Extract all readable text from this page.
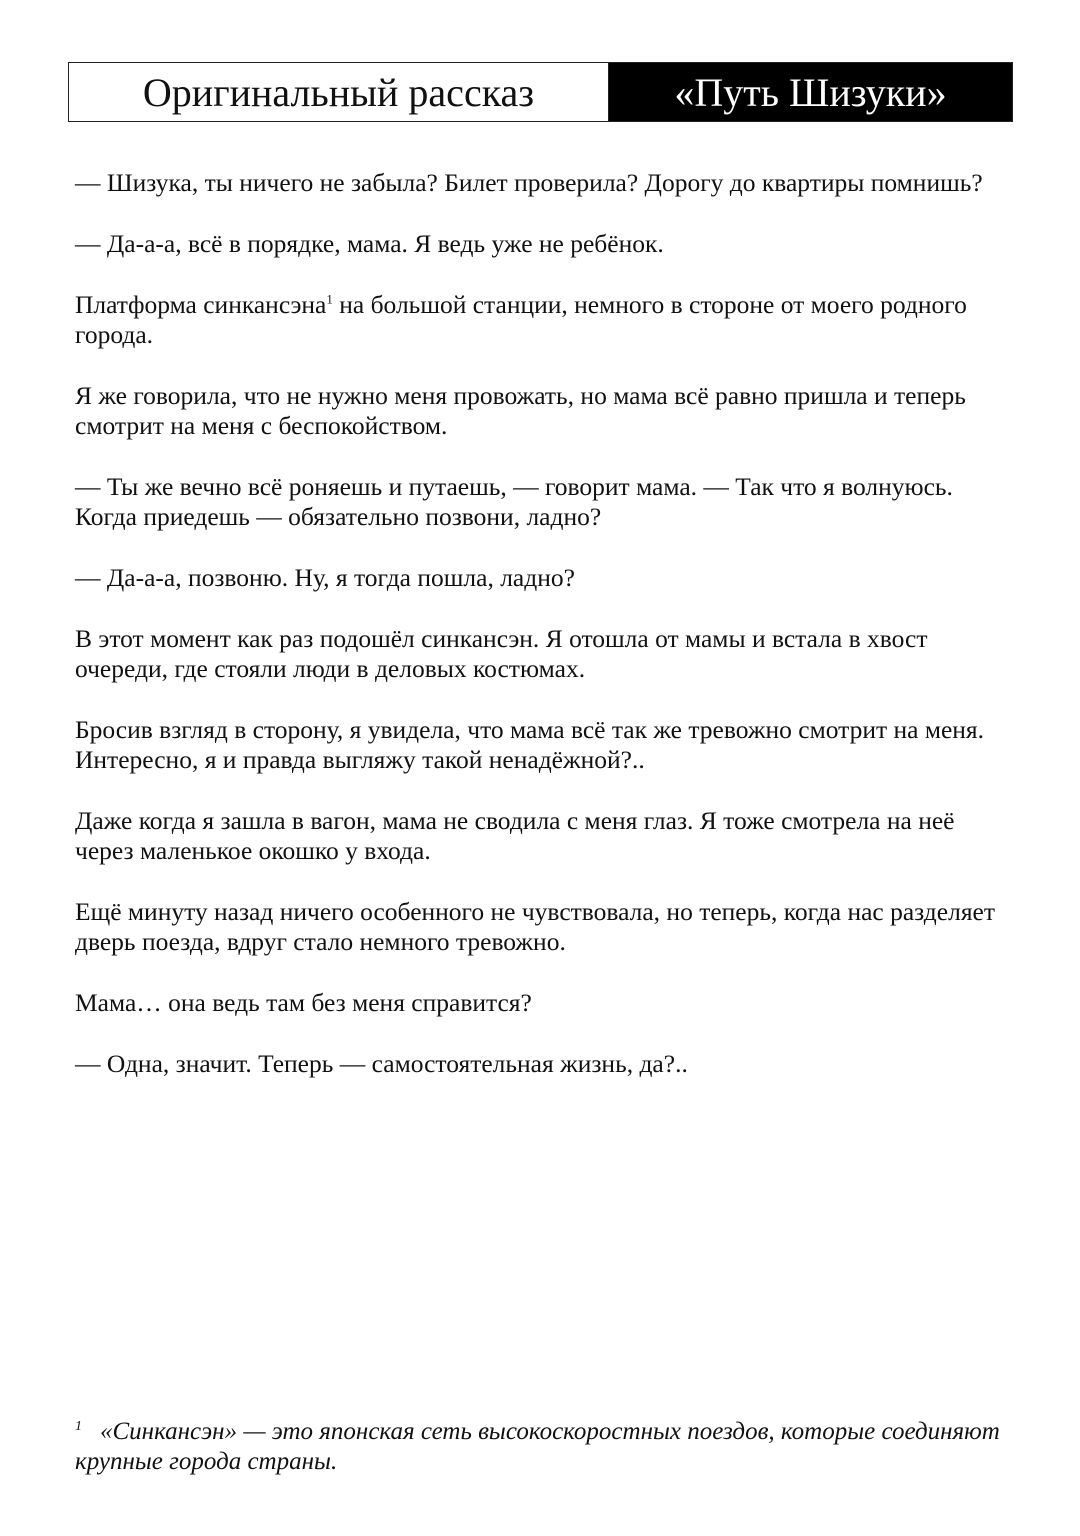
Оригинальный рассказ	«Путь Шизуки»

— Шизука, ты ничего не забыла? Билет проверила? Дорогу до квартиры помнишь?

— Да-а-а, всё в порядке, мама. Я ведь уже не ребёнок.

Платформа синкансэна$^1$ на большой станции, немного в стороне от моего родного города.

Я же говорила, что не нужно меня провожать, но мама всё равно пришла и теперь смотрит на меня с беспокойством.

— Ты же вечно всё роняешь и путаешь, — говорит мама. — Так что я волнуюсь. Когда приедешь — обязательно позвони, ладно?

— Да-а-а, позвоню. Ну, я тогда пошла, ладно?

В этот момент как раз подошёл синкансэн. Я отошла от мамы и встала в хвост очереди, где стояли люди в деловых костюмах.

Бросив взгляд в сторону, я увидела, что мама всё так же тревожно смотрит на меня. Интересно, я и правда выгляжу такой ненадёжной?..

Даже когда я зашла в вагон, мама не сводила с меня глаз. Я тоже смотрела на неё через маленькое окошко у входа.

Ещё минуту назад ничего особенного не чувствовала, но теперь, когда нас разделяет дверь поезда, вдруг стало немного тревожно.

Мама… она ведь там без меня справится?

— Одна, значит. Теперь — самостоятельная жизнь, да?..

$^1$ «Синкансэн» — это японская сеть высокоскоростных поездов, которые соединяют крупные города страны.
